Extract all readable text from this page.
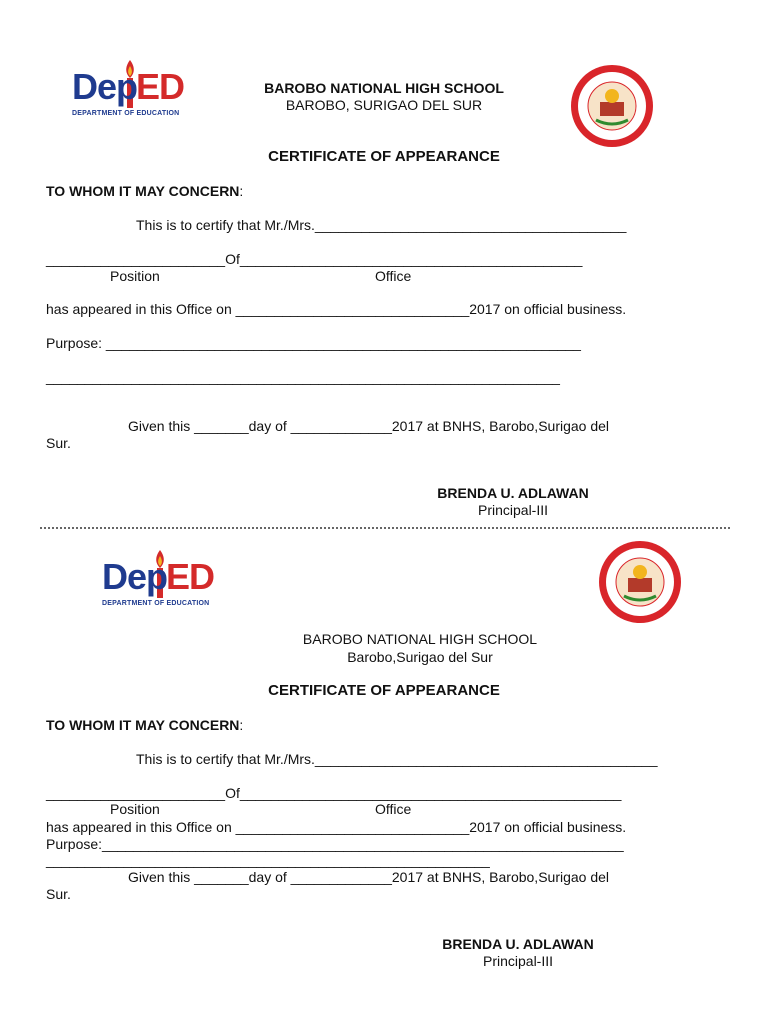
Dep
ED
DEPARTMENT OF EDUCATION
BAROBO NATIONAL HIGH SCHOOL
BAROBO, SURIGAO DEL SUR
CERTIFICATE OF APPEARANCE
TO WHOM IT MAY CONCERN:
This is to certify that Mr./Mrs.________________________________________
_______________________Of____________________________________________
Position	Office
has appeared in this Office on ______________________________2017 on official business.
Purpose: _____________________________________________________________
__________________________________________________________________
Given this _______day of _____________2017 at BNHS, Barobo,Surigao del
Sur.
BRENDA U. ADLAWAN
Principal-III
Dep
ED
DEPARTMENT OF EDUCATION
BAROBO NATIONAL HIGH SCHOOL
Barobo,Surigao del Sur
CERTIFICATE OF APPEARANCE
TO WHOM IT MAY CONCERN:
This is to certify that Mr./Mrs.____________________________________________
_______________________Of_________________________________________________
Position	Office
has appeared in this Office on ______________________________2017 on official business.
Purpose:___________________________________________________________________
_________________________________________________________
Given this _______day of _____________2017 at BNHS, Barobo,Surigao del
Sur.
BRENDA U. ADLAWAN
Principal-III
